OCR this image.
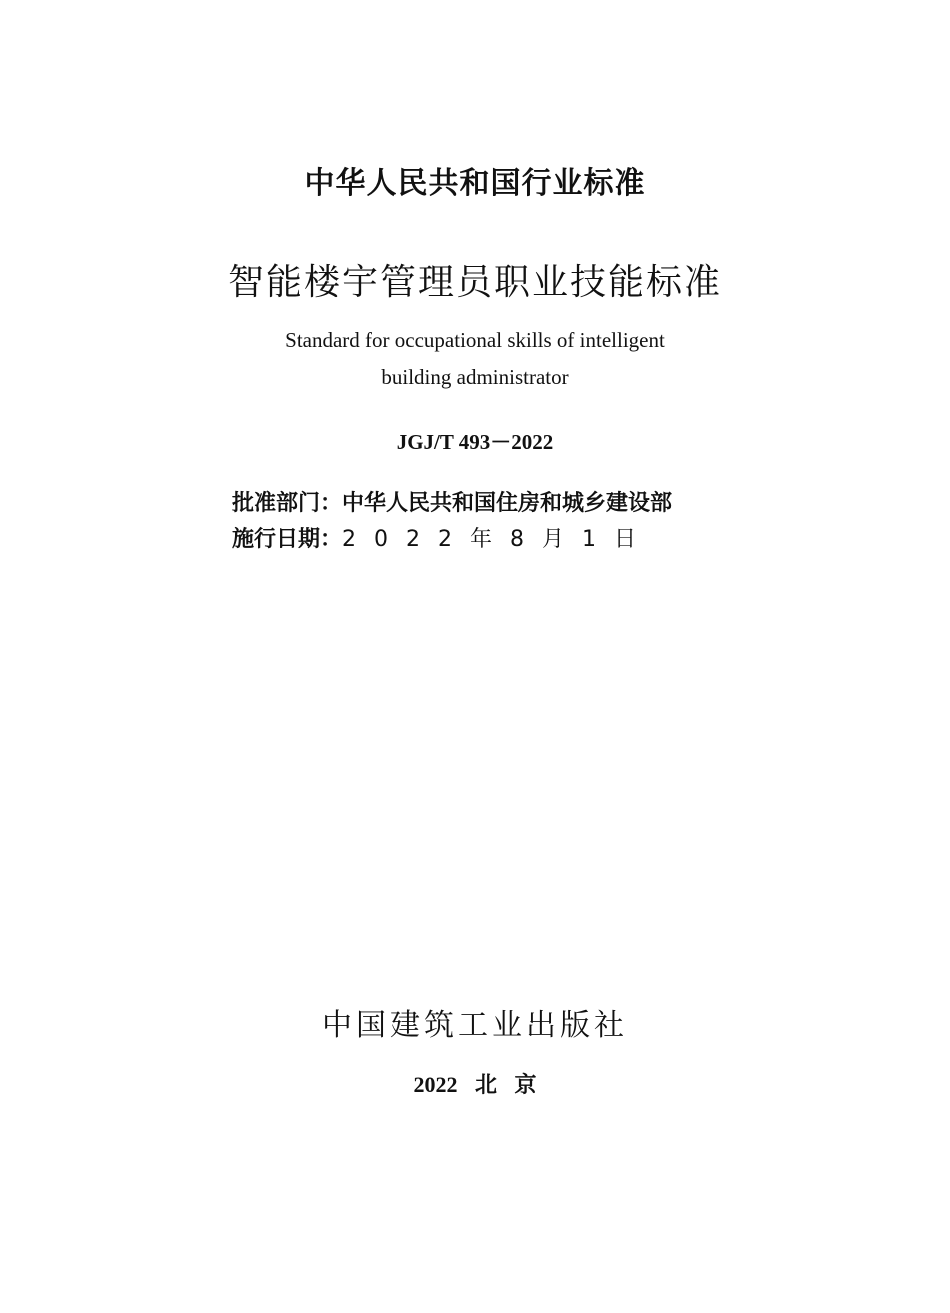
中华人民共和国行业标准
智能楼宇管理员职业技能标准
Standard for occupational skills of intelligent
building administrator
JGJ/T 493－2022
批准部门：中华人民共和国住房和城乡建设部
施行日期：2022年8月1日
中国建筑工业出版社
2022 北 京
